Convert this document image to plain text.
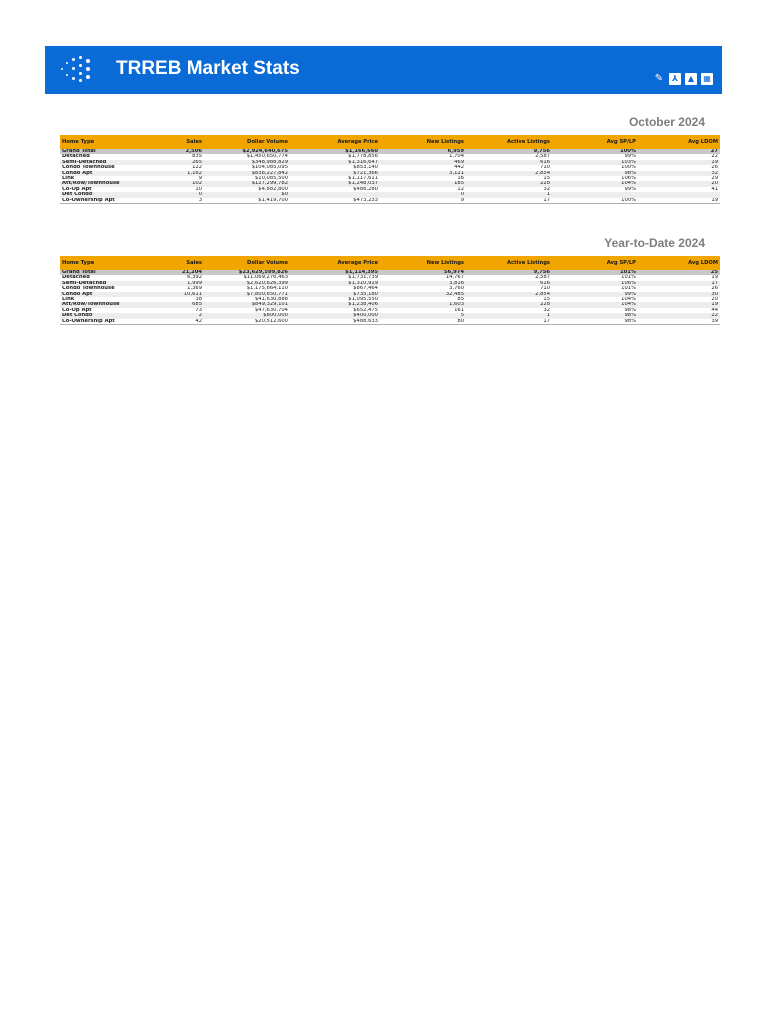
TRREB Market Stats	✎	⅄	▲	▦
October 2024
Home Type	Sales	Dollar Volume	Average Price	New Listings	Active Listings	Avg SP/LP	Avg LDOM
Grand Total	2,506	$2,924,640,675	$1,166,660	6,959	9,756	100%	27
Detached	835	$1,450,650,774	$1,778,856	1,704	2,587	99%	22
Semi-Detached	265	$348,988,829	$1,316,647	469	616	103%	19
Condo Townhouse	122	$104,085,095	$853,140	442	710	100%	26
Condo Apt	1,162	$838,227,842	$721,366	3,121	2,854	98%	32
Link	9	$10,085,500	$1,117,611	16	15	106%	29
Att/Row/Townhouse	102	$127,299,782	$1,248,037	185	228	104%	20
Co-Op Apt	10	$4,882,800	$488,280	12	32	99%	41
Det Condo	0	$0		0	1		
Co-Ownership Apt	3	$1,419,700	$473,233	9	17	100%	19
Year-to-Date 2024
Home Type	Sales	Dollar Volume	Average Price	New Listings	Active Listings	Avg SP/LP	Avg LDOM
Grand Total	21,204	$23,629,599,826	$1,114,395	56,974	9,756	101%	25
Detached	6,392	$11,069,276,463	$1,731,739	14,767	2,587	101%	19
Semi-Detached	1,999	$2,620,626,399	$1,310,919	3,816	616	106%	17
Condo Townhouse	1,369	$1,175,664,110	$867,464	3,760	710	101%	26
Condo Apt	10,611	$7,800,650,771	$735,180	32,485	2,854	99%	30
Link	38	$41,630,888	$1,095,550	85	15	104%	20
Att/Row/Townhouse	685	$849,329,101	$1,238,406	1,603	228	104%	19
Co-Op Apt	73	$47,630,704	$652,475	161	32	98%	44
Det Condo	2	$800,000	$400,000	5	1	98%	22
Co-Ownership Apt	42	$20,512,600	$488,633	80	17	98%	39
